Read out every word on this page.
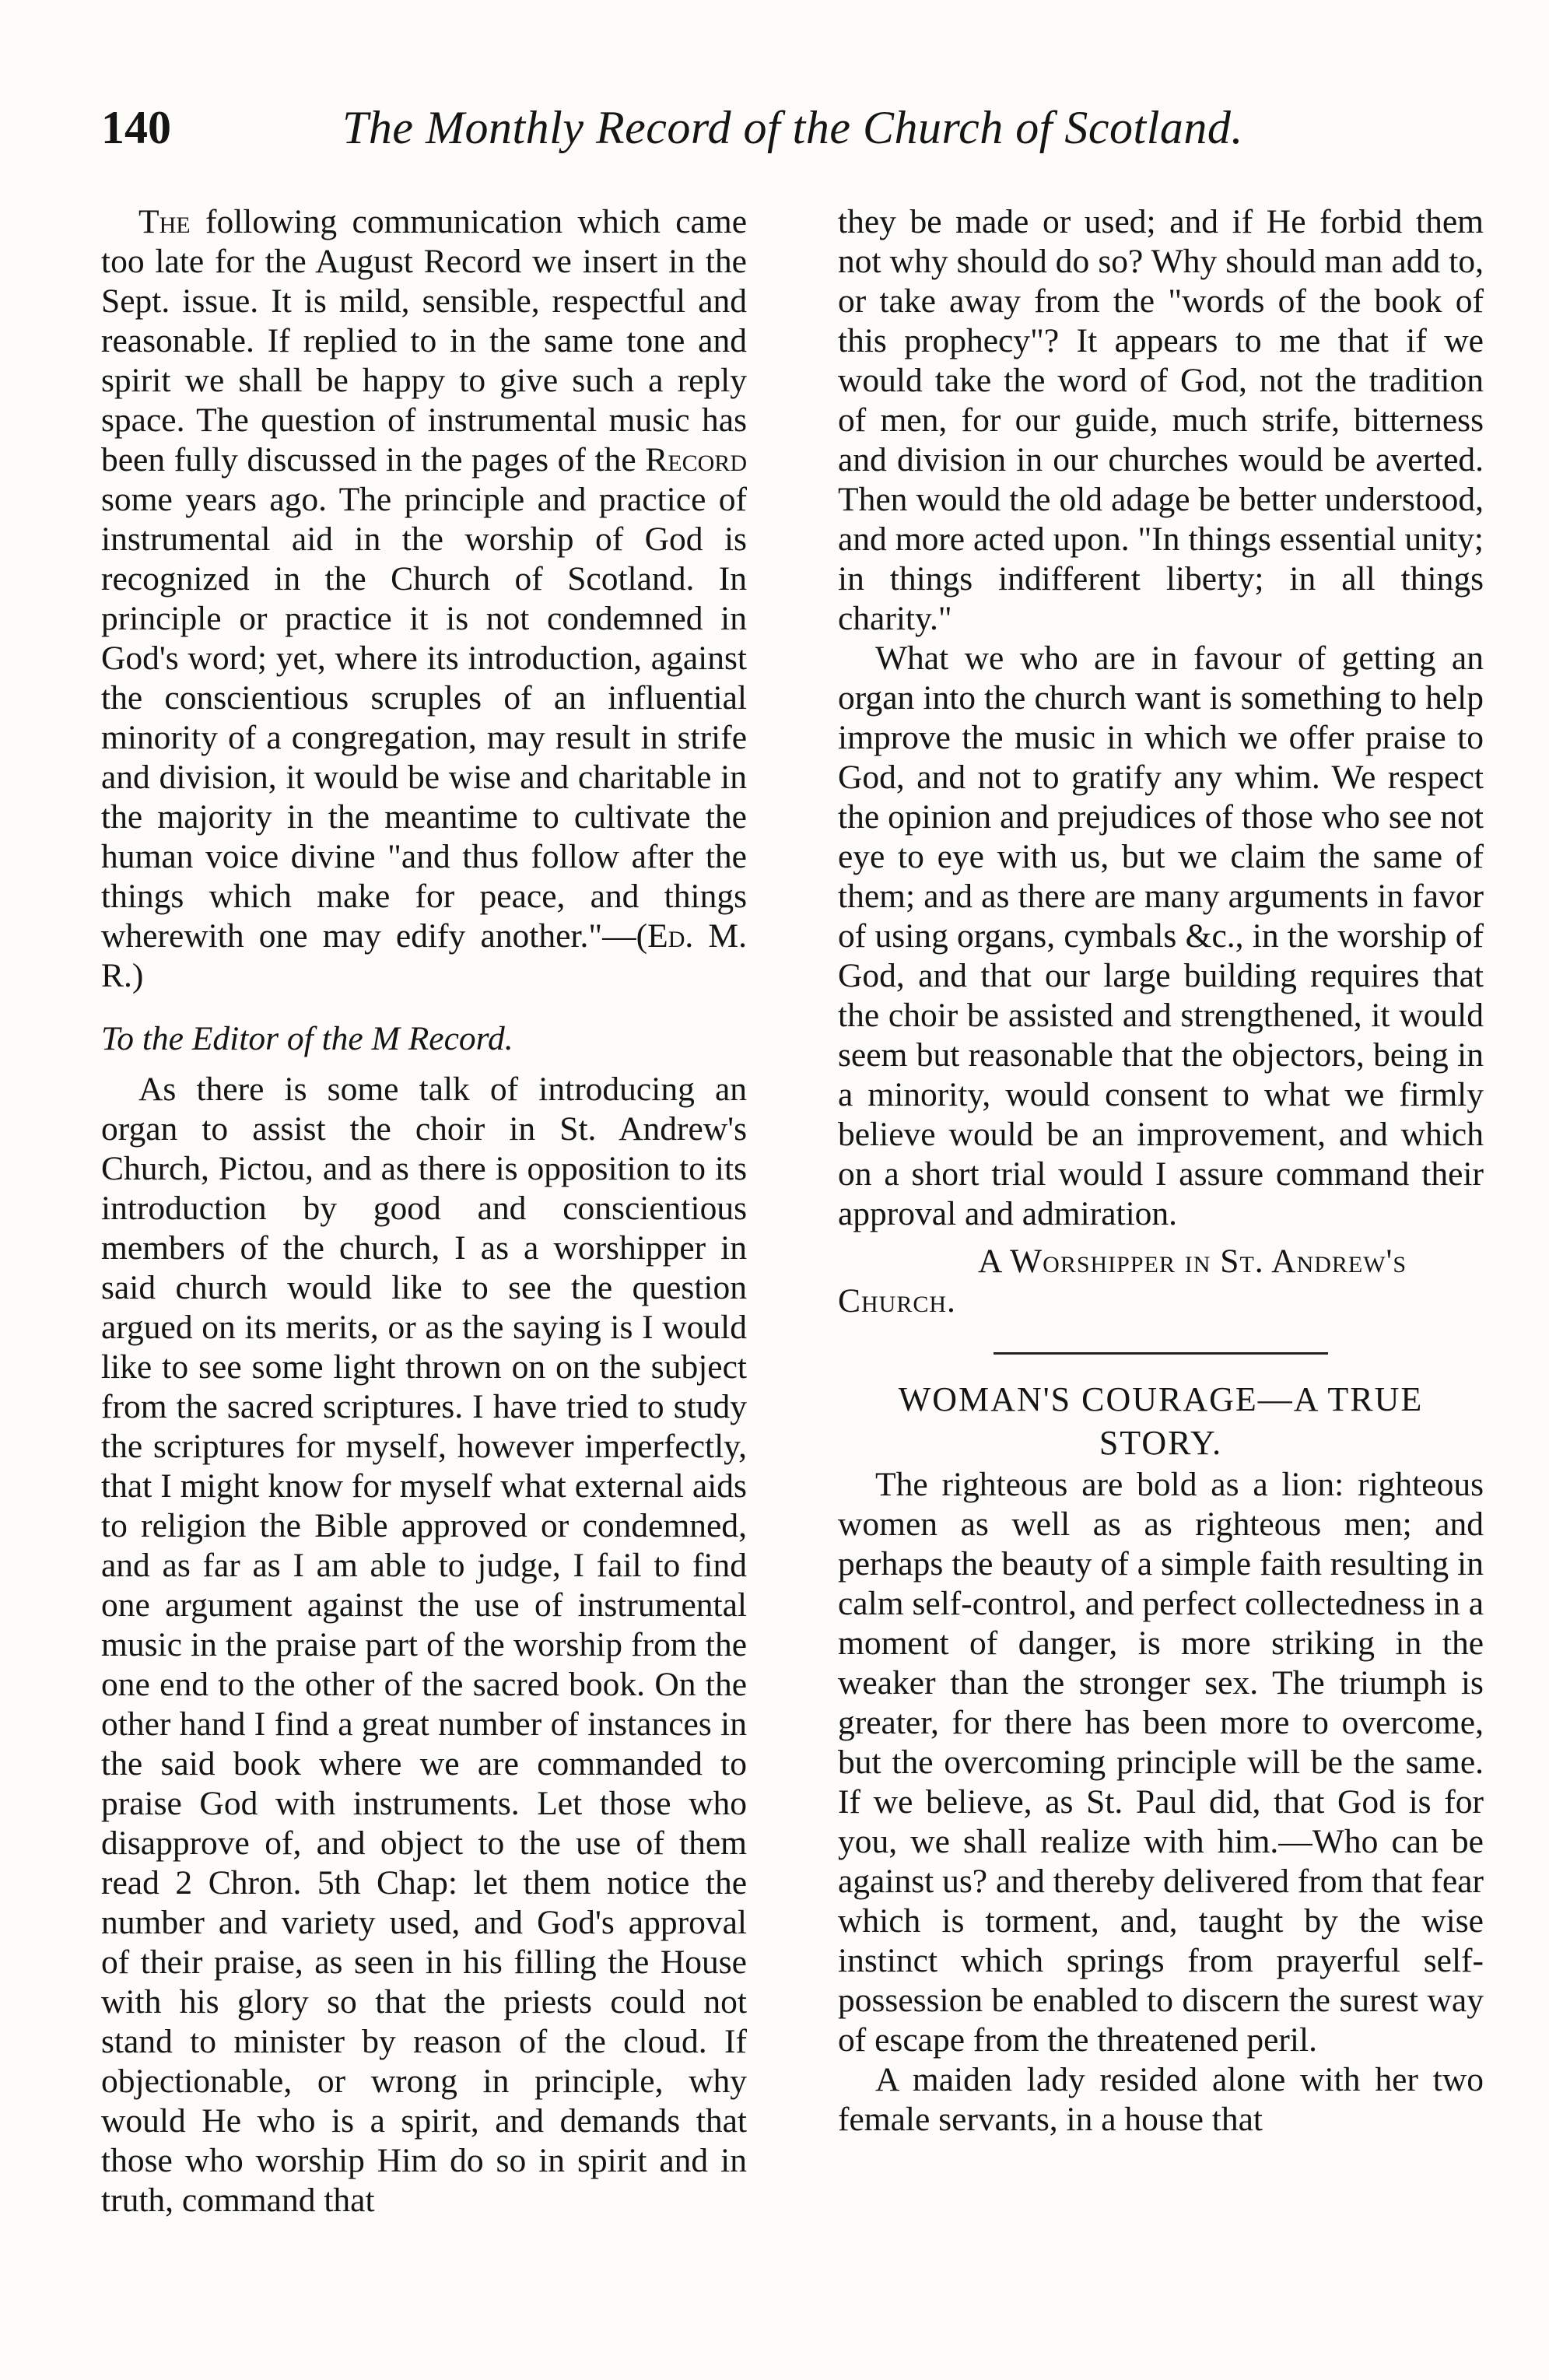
140	The Monthly Record of the Church of Scotland.

The following communication which came too late for the August Record we insert in the Sept. issue. It is mild, sensible, respectful and reasonable. If replied to in the same tone and spirit we shall be happy to give such a reply space. The question of instrumental music has been fully discussed in the pages of the Record some years ago. The principle and practice of instrumental aid in the worship of God is recognized in the Church of Scotland. In principle or practice it is not condemned in God's word; yet, where its introduction, against the conscientious scruples of an influential minority of a congregation, may result in strife and division, it would be wise and charitable in the majority in the meantime to cultivate the human voice divine "and thus follow after the things which make for peace, and things wherewith one may edify another."—(Ed. M. R.)

To the Editor of the M Record.

As there is some talk of introducing an organ to assist the choir in St. Andrew's Church, Pictou, and as there is opposition to its introduction by good and conscientious members of the church, I as a worshipper in said church would like to see the question argued on its merits, or as the saying is I would like to see some light thrown on on the subject from the sacred scriptures. I have tried to study the scriptures for myself, however imperfectly, that I might know for myself what external aids to religion the Bible approved or condemned, and as far as I am able to judge, I fail to find one argument against the use of instrumental music in the praise part of the worship from the one end to the other of the sacred book. On the other hand I find a great number of instances in the said book where we are commanded to praise God with instruments. Let those who disapprove of, and object to the use of them read 2 Chron. 5th Chap: let them notice the number and variety used, and God's approval of their praise, as seen in his filling the House with his glory so that the priests could not stand to minister by reason of the cloud. If objectionable, or wrong in principle, why would He who is a spirit, and demands that those who worship Him do so in spirit and in truth, command that

they be made or used; and if He forbid them not why should do so? Why should man add to, or take away from the "words of the book of this prophecy"? It appears to me that if we would take the word of God, not the tradition of men, for our guide, much strife, bitterness and division in our churches would be averted. Then would the old adage be better understood, and more acted upon. "In things essential unity; in things indifferent liberty; in all things charity."

What we who are in favour of getting an organ into the church want is something to help improve the music in which we offer praise to God, and not to gratify any whim. We respect the opinion and prejudices of those who see not eye to eye with us, but we claim the same of them; and as there are many arguments in favor of using organs, cymbals &c., in the worship of God, and that our large building requires that the choir be assisted and strengthened, it would seem but reasonable that the objectors, being in a minority, would consent to what we firmly believe would be an improvement, and which on a short trial would I assure command their approval and admiration.

A Worshipper in St. Andrew's
Church.

WOMAN'S COURAGE—A TRUE STORY.

The righteous are bold as a lion: righteous women as well as as righteous men; and perhaps the beauty of a simple faith resulting in calm self-control, and perfect collectedness in a moment of danger, is more striking in the weaker than the stronger sex. The triumph is greater, for there has been more to overcome, but the overcoming principle will be the same. If we believe, as St. Paul did, that God is for you, we shall realize with him.—Who can be against us? and thereby delivered from that fear which is torment, and, taught by the wise instinct which springs from prayerful self-possession be enabled to discern the surest way of escape from the threatened peril.

A maiden lady resided alone with her two female servants, in a house that
